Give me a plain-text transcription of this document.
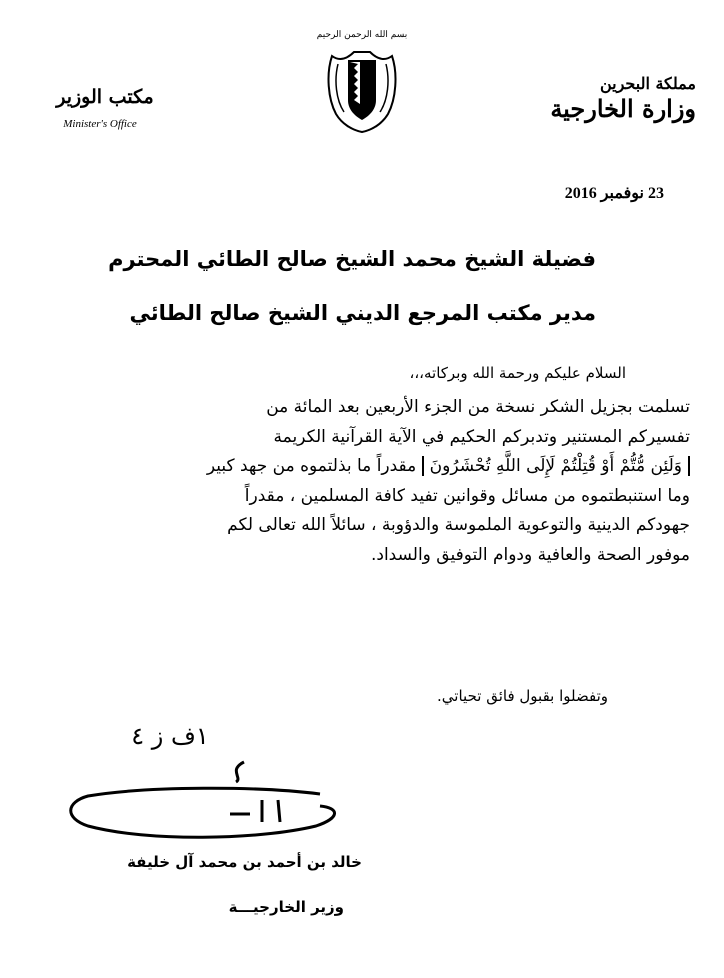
بسم الله الرحمن الرحيم
مملكة البحرين
وزارة الخارجية
مكتب الوزير
Minister's Office
23 نوفمبر 2016
فضيلة الشيخ محمد الشيخ صالح الطائي المحترم
مدير مكتب المرجع الديني الشيخ صالح الطائي
السلام عليكم ورحمة الله وبركاته،،،
تسلمت بجزيل الشكر نسخة من الجزء الأربعين بعد المائة من
تفسيركم المستنير وتدبركم الحكيم في الآية القرآنية الكريمة
وَلَئِن مُّتُّمْ أَوْ قُتِلْتُمْ لَإِلَى اللَّهِ تُحْشَرُونَ مقدراً ما بذلتموه من جهد كبير
وما استنبطتموه من مسائل وقوانين تفيد كافة المسلمين ، مقدراً
جهودكم الدينية والتوعوية الملموسة والدؤوبة ، سائلاً الله تعالى لكم
موفور الصحة والعافية ودوام التوفيق والسداد.
وتفضلوا بقبول فائق تحياتي.
١ف ز ٤
خالد بن أحمد بن محمد آل خليفة
وزير الخارجيـــة
